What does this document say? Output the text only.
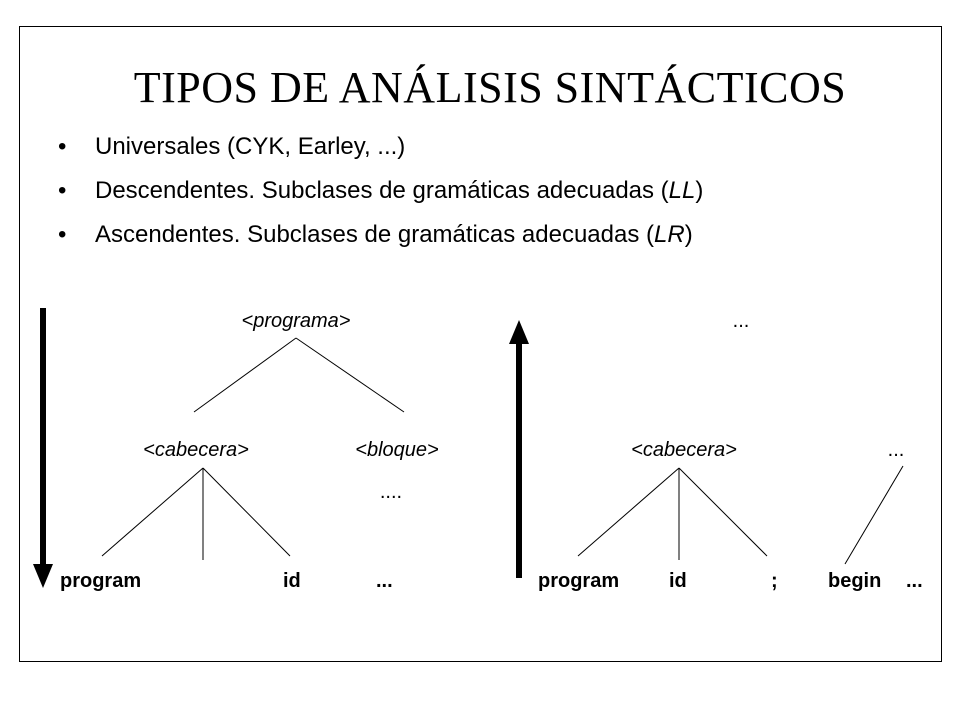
TIPOS DE ANÁLISIS SINTÁCTICOS
• Universales (CYK, Earley, ...)
• Descendentes. Subclases de gramáticas adecuadas (LL)
• Ascendentes. Subclases de gramáticas adecuadas (LR)
<programa>
<cabecera>	<bloque>
....
program	id	...
...
<cabecera>	...
program id	;	begin ...
